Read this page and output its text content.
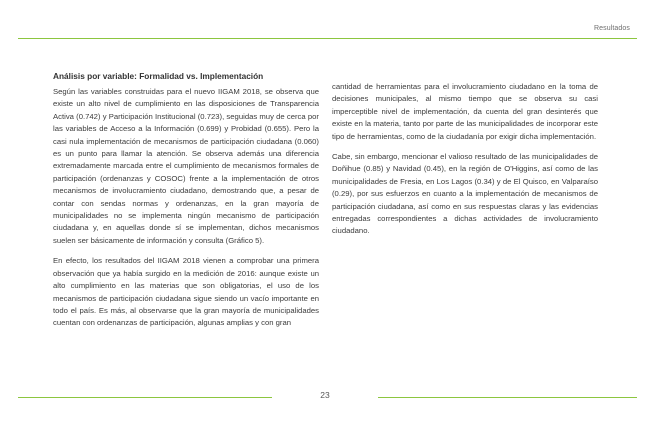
Resultados
Análisis por variable: Formalidad vs. Implementación

Según las variables construidas para el nuevo IIGAM 2018, se observa que existe un alto nivel de cumplimiento en las disposiciones de Transparencia Activa (0.742) y Participación Institucional (0.723), seguidas muy de cerca por las variables de Acceso a la Información (0.699) y Probidad (0.655). Pero la casi nula implementación de mecanismos de participación ciudadana (0.060) es un punto para llamar la atención. Se observa además una diferencia extremadamente marcada entre el cumplimiento de mecanismos formales de participación (ordenanzas y COSOC) frente a la implementación de otros mecanismos de involucramiento ciudadano, demostrando que, a pesar de contar con sendas normas y ordenanzas, en la gran mayoría de municipalidades no se implementa ningún mecanismo de participación ciudadana y, en aquellas donde sí se implementan, dichos mecanismos suelen ser básicamente de información y consulta (Gráfico 5).

En efecto, los resultados del IIGAM 2018 vienen a comprobar una primera observación que ya había surgido en la medición de 2016: aunque existe un alto cumplimiento en las materias que son obligatorias, el uso de los mecanismos de participación ciudadana sigue siendo un vacío importante en todo el país. Es más, al observarse que la gran mayoría de municipalidades cuentan con ordenanzas de participación, algunas amplias y con gran

cantidad de herramientas para el involucramiento ciudadano en la toma de decisiones municipales, al mismo tiempo que se observa su casi imperceptible nivel de implementación, da cuenta del gran desinterés que existe en la materia, tanto por parte de las municipalidades de incorporar este tipo de herramientas, como de la ciudadanía por exigir dicha implementación.

Cabe, sin embargo, mencionar el valioso resultado de las municipalidades de Doñihue (0.85) y Navidad (0.45), en la región de O'Higgins, así como de las municipalidades de Fresia, en Los Lagos (0.34) y de El Quisco, en Valparaíso (0.29), por sus esfuerzos en cuanto a la implementación de mecanismos de participación ciudadana, así como en sus respuestas claras y las evidencias entregadas correspondientes a dichas actividades de involucramiento ciudadano.

23
